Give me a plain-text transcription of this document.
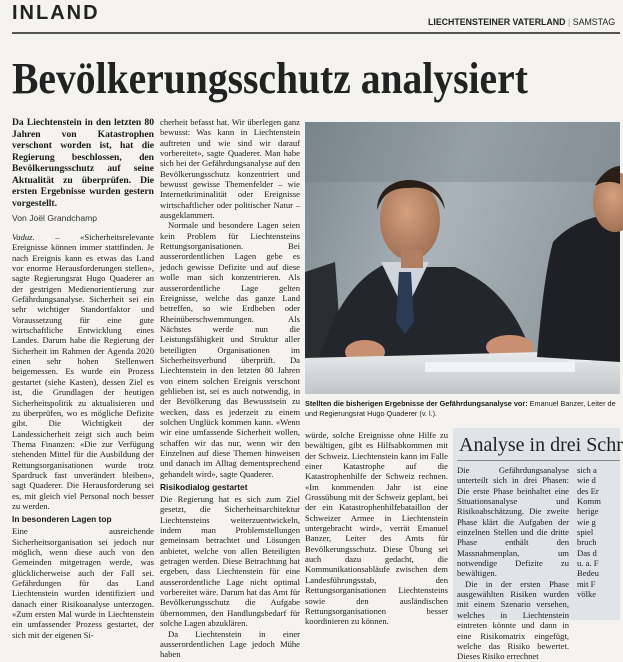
INLAND	LIECHTENSTEINER VATERLAND | SAMSTAG
Bevölkerungsschutz analysiert
Da Liechtenstein in den letzten 80 Jahren von Katastrophen verschont worden ist, hat die Regierung beschlossen, den Bevölkerungsschutz auf seine Aktualität zu überprüfen. Die ersten Ergebnisse wurden gestern vorgestellt.
Von Joël Grandchamp

Vaduz. – «Sicherheitsrelevante Ereignisse können immer stattfinden. Je nach Ereignis kann es etwas das Land vor enorme Herausforderungen stellen», sagte Regierungsrat Hugo Quaderer an der gestrigen Medienorientierung zur Gefährdungsanalyse. Sicherheit sei ein sehr wichtiger Standortfaktor und Voraussetzung für eine gute wirtschaftliche Entwicklung eines Landes. Darum habe die Regierung der Sicherheit im Rahmen der Agenda 2020 einen sehr hohen Stellenwert beigemessen. Es wurde ein Prozess gestartet (siehe Kasten), dessen Ziel es ist, die Grundlagen der heutigen Sicherheitspolitik zu aktualisieren und zu überprüfen, wo es mögliche Defizite gibt. Die Wichtigkeit der Landessicherheit zeigt sich auch beim Thema Finanzen: «Die zur Verfügung stehenden Mittel für die Ausbildung der Rettungsorganisationen wurde trotz Spardruck fast unverändert bleiben», sagt Quaderer. Die Herausforderung sei es, mit gleich viel Personal noch besser zu werden.

In besonderen Lagen top

Eine ausreichende Sicherheitsorganisation sei jedoch nur möglich, wenn diese auch von den Gemeinden mitgetragen werde, was glücklicherweise auch der Fall sei. Gefährdungen für das Land Liechtenstein wurden identifiziert und danach einer Risikoanalyse unterzogen. «Zum ersten Mal wurde in Liechtenstein ein umfassender Prozess gestartet, der sich mit der eigenen Si-

cherheit befasst hat. Wir überlegen ganz bewusst: Was kann in Liechtenstein auftreten und wie sind wir darauf vorbereitet», sagte Quaderer. Man habe sich bei der Gefährdungsanalyse auf den Bevölkerungsschutz konzentriert und bewusst gewisse Themenfelder – wie Internetkriminalität oder Ereignisse wirtschaftlicher oder politischer Natur – ausgeklammert.

Normale und besondere Lagen seien kein Problem für Liechtensteins Rettungsorganisationen. Bei ausserordentlichen Lagen gebe es jedoch gewisse Defizite und auf diese wolle man sich konzentrieren. Als ausserordentliche Lage gelten Ereignisse, welche das ganze Land betreffen, so wie Erdbeben oder Rheinüberschwemmungen. Als Nächstes werde nun die Leistungsfähigkeit und Struktur aller beteiligten Organisationen im Sicherheitsverbund überprüft. Da Liechtenstein in den letzten 80 Jahren von einem solchen Ereignis verschont geblieben ist, sei es auch notwendig, in der Bevölkerung das Bewusstsein zu wecken, dass es jederzeit zu einem solchen Unglück kommen kann. «Wenn wir eine umfassende Sicherheit wollen, schaffen wir das nur, wenn wir den Einzelnen auf diese Themen hinweisen und danach im Alltag dementsprechend gehandelt wird», sagte Quaderer.

Risikodialog gestartet

Die Regierung hat es sich zum Ziel gesetzt, die Sicherheitsarchitektur Liechtensteins weiterzuentwickeln, indem man Problemstellungen gemeinsam betrachtet und Lösungen anbietet, welche von allen Beteiligten getragen werden. Diese Betrachtung hat ergeben, dass Liechtenstein für eine ausserordentliche Lage nicht optimal vorbereitet wäre. Darum hat das Amt für Bevölkerungsschutz die Aufgabe übernommen, den Handlungsbedarf für solche Lagen abzuklären.

Da Liechtenstein in einer ausserordentlichen Lage jedoch Mühe haben

Stellten die bisherigen Ergebnisse der Gefährdungsanalyse vor: Emanuel Banzer, Leiter de
und Regierungsrat Hugo Quaderer (v. l.).

würde, solche Ereignisse ohne Hilfe zu bewältigen, gibt es Hilfsabkommen mit der Schweiz. Liechtenstein kann im Falle einer Katastrophe auf die Katastrophenhilfe der Schweiz rechnen. «Im kommenden Jahr ist eine Grossübung mit der Schweiz geplant, bei der ein Katastrophenhilfebataillon der Schweizer Armee in Liechtenstein untergebracht wird», verrät Emanuel Banzer, Leiter des Amts für Bevölkerungsschutz. Diese Übung sei auch dazu gedacht, die Kommunikationsabläufe zwischen dem Landesführungsstab, den Rettungsorganisationen Liechtensteins sowie den ausländischen Rettungsorganisationen besser koordinieren zu können.

Analyse in drei Schr

Die Gefährdungsanalyse unterteilt sich in drei Phasen: Die erste Phase beinhaltet eine Situationsanalyse und Risikoabschätzung. Die zweite Phase klärt die Aufgaben der einzelnen Stellen und die dritte Phase enthält den Massnahmenplan, um notwendige Defizite zu bewältigen.

Die in der ersten Phase ausgewählten Risiken wurden mit einem Szenario versehen, welches in Liechtenstein eintreten könnte und dann in eine Risikomatrix eingefügt, welche das Risiko bewertet. Dieses Risiko errechnet

sich a
wie d
des Er
Komm
herige
wie g
spiel
bruch
Das d
u. a. F
Bedeu
mit F
völke
